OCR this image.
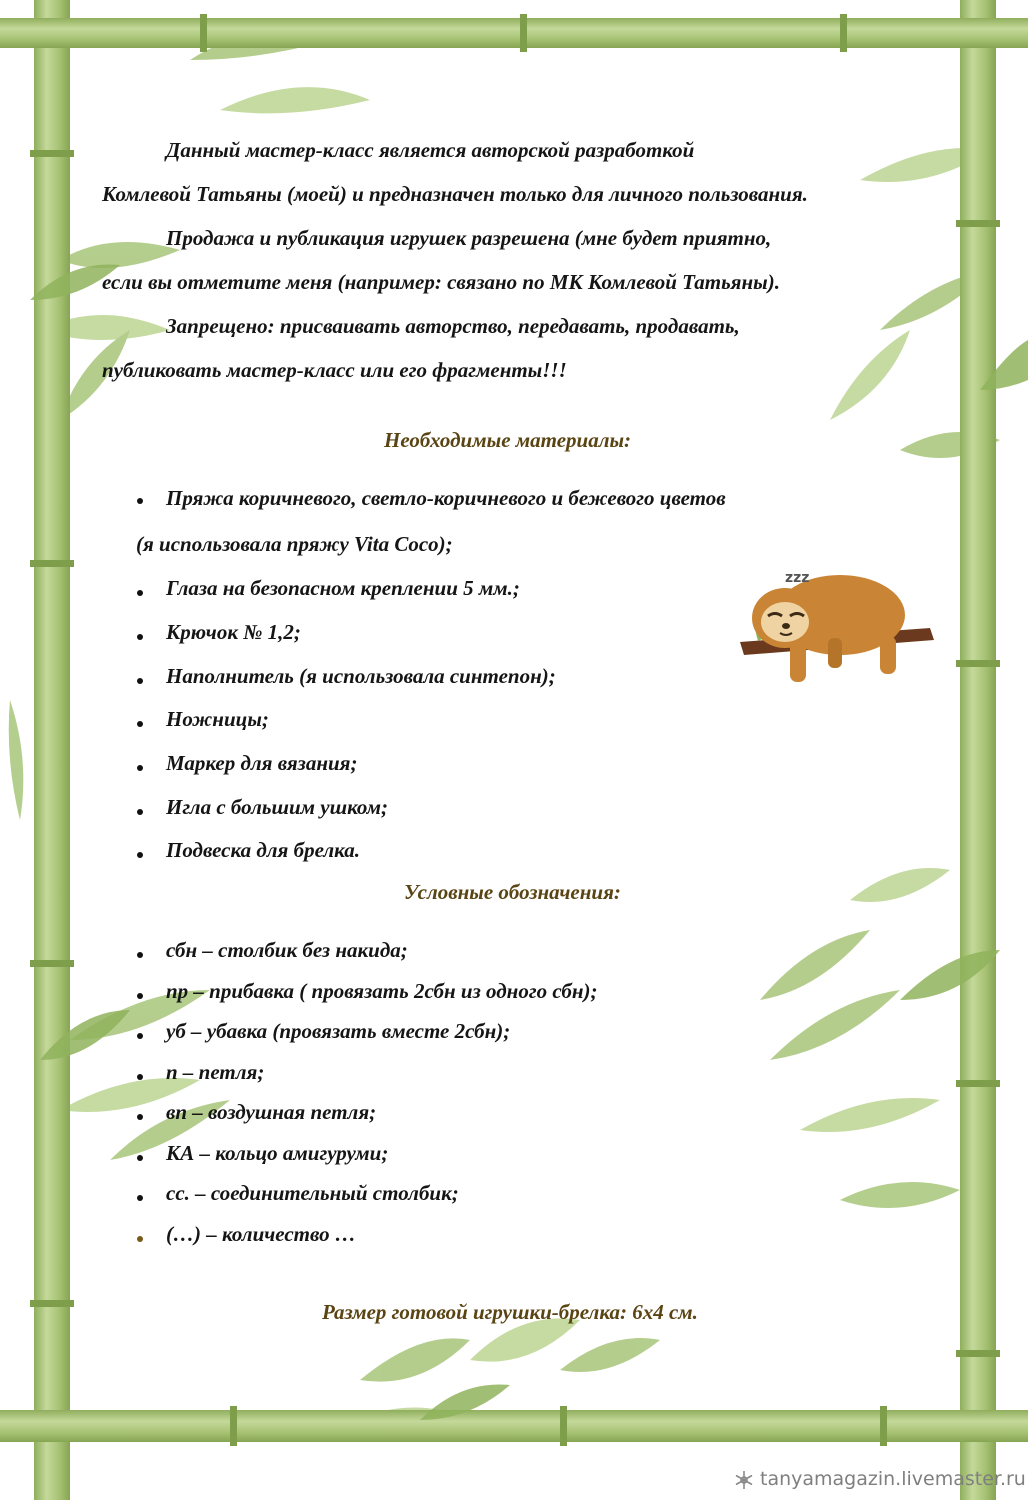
zzz
Данный мастер-класс является авторской разработкой
Комлевой Татьяны (моей) и предназначен только для личного пользования.
Продажа и публикация игрушек разрешена (мне будет приятно,
если вы отметите меня (например: связано по МК Комлевой Татьяны).
Запрещено: присваивать авторство, передавать, продавать,
публиковать мастер-класс или его фрагменты!!!
Необходимые материалы:
Пряжа коричневого, светло-коричневого и бежевого цветов
(я использовала пряжу Vita Coco);
Глаза на безопасном креплении 5 мм.;
Крючок № 1,2;
Наполнитель (я использовала синтепон);
Ножницы;
Маркер для вязания;
Игла с большим ушком;
Подвеска для брелка.
Условные обозначения:
сбн – столбик без накида;
пр – прибавка ( провязать 2сбн из одного сбн);
уб – убавка (провязать вместе 2сбн);
п – петля;
вп – воздушная петля;
КА – кольцо амигуруми;
сс. – соединительный столбик;
(…) – количество …
Размер готовой игрушки-брелка: 6х4 см.
tanyamagazin.livemaster.ru
